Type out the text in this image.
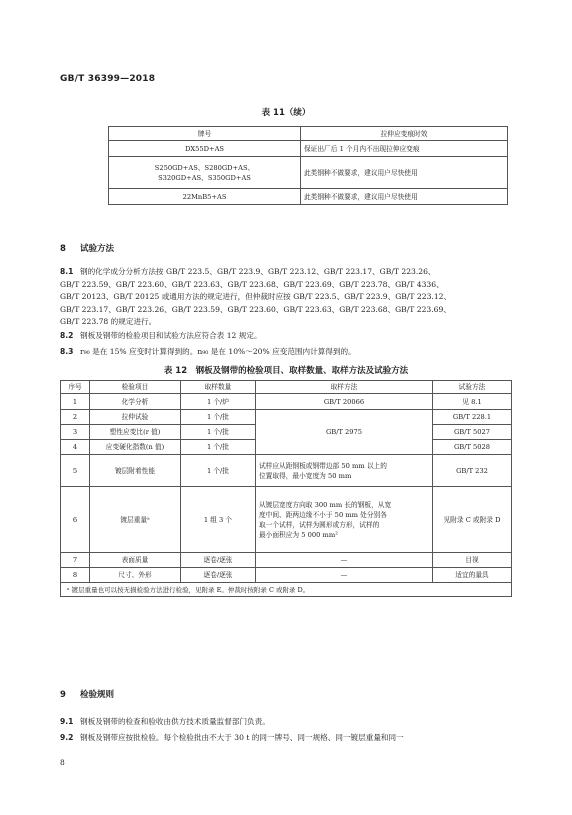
GB/T 36399—2018
表 11（续）
牌号	拉伸应变痕时效
DX55D+AS	保证出厂后 1 个月内不出现拉伸应变痕

S250GD+AS、S280GD+AS、
S320GD+AS、S350GD+AS	此类钢种不做要求，建议用户尽快使用
22MnB5+AS	此类钢种不做要求，建议用户尽快使用
8 试验方法
8.1 钢的化学成分分析方法按 GB/T 223.5、GB/T 223.9、GB/T 223.12、GB/T 223.17、GB/T 223.26、
GB/T 223.59、GB/T 223.60、GB/T 223.63、GB/T 223.68、GB/T 223.69、GB/T 223.78、GB/T 4336、
GB/T 20123、GB/T 20125 或通用方法的规定进行，但仲裁时应按 GB/T 223.5、GB/T 223.9、GB/T 223.12、
GB/T 223.17、GB/T 223.26、GB/T 223.59、GB/T 223.60、GB/T 223.63、GB/T 223.68、GB/T 223.69、
GB/T 223.78 的规定进行。
8.2 钢板及钢带的检验项目和试验方法应符合表 12 规定。
8.3 r₉₀ 是在 15% 应变时计算得到的。n₉₀ 是在 10%～20% 应变范围内计算得到的。
表 12　钢板及钢带的检验项目、取样数量、取样方法及试验方法
序号	检验项目	取样数量	取样方法	试验方法
1	化学分析	1 个/炉	GB/T 20066	见 8.1
2	拉伸试验	1 个/批	GB/T 2975	GB/T 228.1
3	塑性应变比(r 值)	1 个/批		GB/T 5027
4	应变硬化指数(n 值)	1 个/批		GB/T 5028
5	镀层附着性能	1 个/批	试样应从距钢板或钢带边部 50 mm 以上的
位置取得，最小宽度为 50 mm	GB/T 232
6	镀层重量ᵃ	1 组 3 个	从镀层宽度方向取 300 mm 长的钢板，从宽
度中间、距两边缘不小于 50 mm 处分别各
取一个试样，试样为圆形或方形，试样的
最小面积应为 5 000 mm²	见附录 C 或附录 D
7	表面质量	逐卷/逐张	—	目视
8	尺寸、外形	逐卷/逐张	—	适宜的量具
ᵃ 镀层重量也可以按无损检验方法进行检验，见附录 E。仲裁时按附录 C 或附录 D。				
9 检验规则
9.1 钢板及钢带的检查和验收由供方技术质量监督部门负责。
9.2 钢板及钢带应按批检验。每个检验批由不大于 30 t 的同一牌号、同一规格、同一镀层重量和同一
8
